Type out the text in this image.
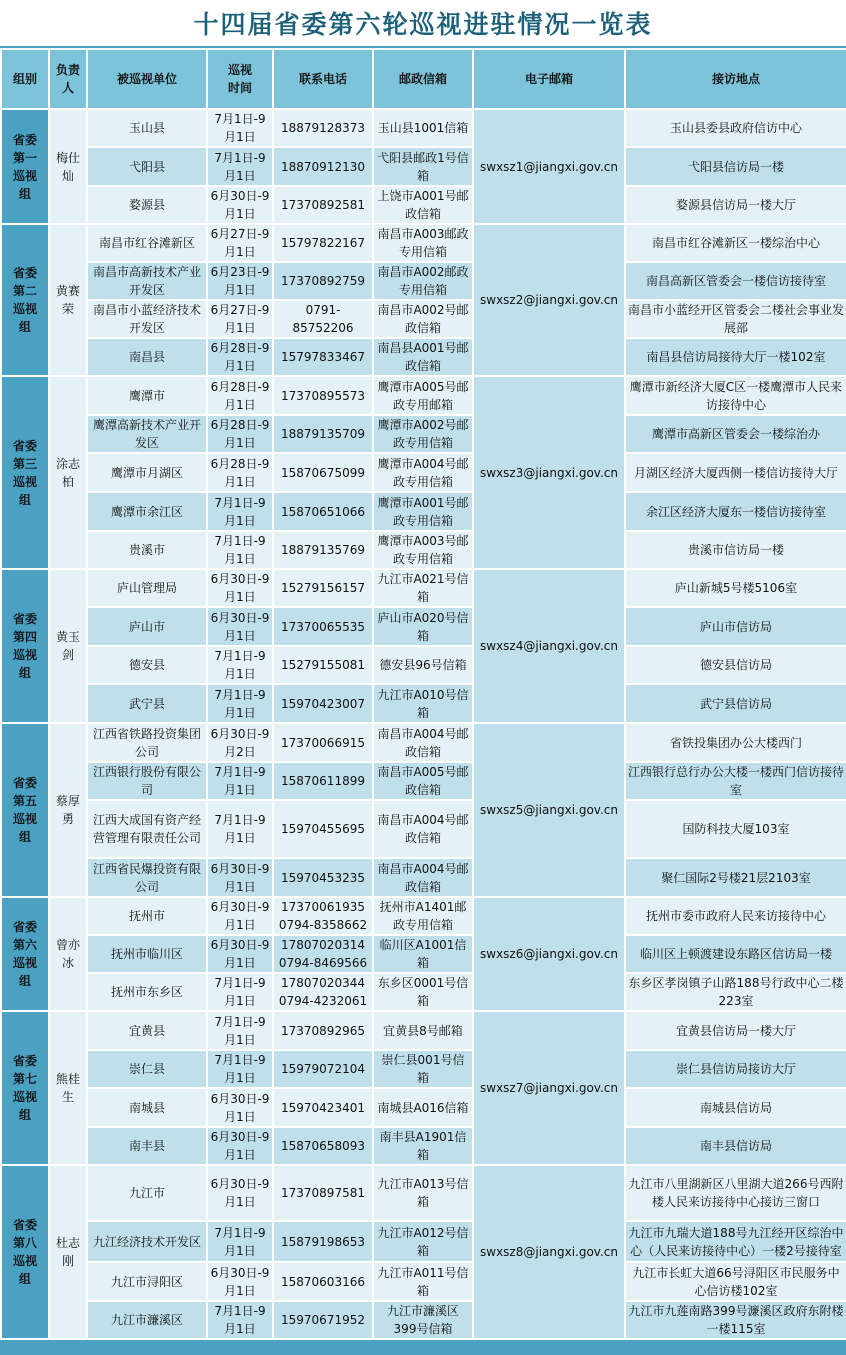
十四届省委第六轮巡视进驻情况一览表
组别	负责人	被巡视单位	巡视时间	联系电话	邮政信箱	电子邮箱	接访地点

省委第一巡视组	梅仕灿	玉山县	7月1日-9月1日	18879128373	玉山县1001信箱	swxsz1@jiangxi.gov.cn	玉山县委县政府信访中心
		弋阳县	7月1日-9月1日	18870912130	弋阳县邮政1号信箱		弋阳县信访局一楼
		婺源县	6月30日-9月1日	17370892581	上饶市A001号邮政信箱		婺源县信访局一楼大厅

省委第二巡视组	黄赛荣	南昌市红谷滩新区	6月27日-9月1日	15797822167	南昌市A003邮政专用信箱	swxsz2@jiangxi.gov.cn	南昌市红谷滩新区一楼综治中心
		南昌市高新技术产业开发区	6月23日-9月1日	17370892759	南昌市A002邮政专用信箱		南昌高新区管委会一楼信访接待室
		南昌市小蓝经济技术开发区	6月27日-9月1日	0791-85752206	南昌市A002号邮政信箱		南昌市小蓝经开区管委会二楼社会事业发展部
		南昌县	6月28日-9月1日	15797833467	南昌县A001号邮政信箱		南昌县信访局接待大厅一楼102室

省委第三巡视组	涂志柏	鹰潭市	6月28日-9月1日	17370895573	鹰潭市A005号邮政专用邮箱	swxsz3@jiangxi.gov.cn	鹰潭市新经济大厦C区一楼鹰潭市人民来访接待中心
		鹰潭高新技术产业开发区	6月28日-9月1日	18879135709	鹰潭市A002号邮政专用信箱		鹰潭市高新区管委会一楼综治办
		鹰潭市月湖区	6月28日-9月1日	15870675099	鹰潭市A004号邮政专用信箱		月湖区经济大厦西侧一楼信访接待大厅
		鹰潭市余江区	7月1日-9月1日	15870651066	鹰潭市A001号邮政专用信箱		余江区经济大厦东一楼信访接待室
		贵溪市	7月1日-9月1日	18879135769	鹰潭市A003号邮政专用信箱		贵溪市信访局一楼

省委第四巡视组	黄玉剑	庐山管理局	6月30日-9月1日	15279156157	九江市A021号信箱	swxsz4@jiangxi.gov.cn	庐山新城5号楼5106室
		庐山市	6月30日-9月1日	17370065535	庐山市A020号信箱		庐山市信访局
		德安县	7月1日-9月1日	15279155081	德安县96号信箱		德安县信访局
		武宁县	7月1日-9月1日	15970423007	九江市A010号信箱		武宁县信访局

省委第五巡视组	蔡厚勇	江西省铁路投资集团公司	6月30日-9月2日	17370066915	南昌市A004号邮政信箱	swxsz5@jiangxi.gov.cn	省铁投集团办公大楼西门
		江西银行股份有限公司	7月1日-9月1日	15870611899	南昌市A005号邮政信箱		江西银行总行办公大楼一楼西门信访接待室
		江西大成国有资产经营管理有限责任公司	7月1日-9月1日	15970455695	南昌市A004号邮政信箱		国防科技大厦103室
		江西省民爆投资有限公司	6月30日-9月1日	15970453235	南昌市A004号邮政信箱		聚仁国际2号楼21层2103室

省委第六巡视组	曾亦冰	抚州市	6月30日-9月1日	17370061935 0794-8358662	抚州市A1401邮政专用信箱	swxsz6@jiangxi.gov.cn	抚州市委市政府人民来访接待中心
		抚州市临川区	6月30日-9月1日	17807020314 0794-8469566	临川区A1001信箱		临川区上顿渡建设东路区信访局一楼
		抚州市东乡区	7月1日-9月1日	17807020344 0794-4232061	东乡区0001号信箱		东乡区孝岗镇子山路188号行政中心二楼223室

省委第七巡视组	熊桂生	宜黄县	7月1日-9月1日	17370892965	宜黄县8号邮箱	swxsz7@jiangxi.gov.cn	宜黄县信访局一楼大厅
		崇仁县	7月1日-9月1日	15979072104	崇仁县001号信箱		崇仁县信访局接访大厅
		南城县	6月30日-9月1日	15970423401	南城县A016信箱		南城县信访局
		南丰县	6月30日-9月1日	15870658093	南丰县A1901信箱		南丰县信访局

省委第八巡视组	杜志刚	九江市	6月30日-9月1日	17370897581	九江市A013号信箱	swxsz8@jiangxi.gov.cn	九江市八里湖新区八里湖大道266号西附楼人民来访接待中心接访三窗口
		九江经济技术开发区	7月1日-9月1日	15879198653	九江市A012号信箱		九江市九瑞大道188号九江经开区综治中心（人民来访接待中心）一楼2号接待室
		九江市浔阳区	6月30日-9月1日	15870603166	九江市A011号信箱		九江市长虹大道66号浔阳区市民服务中心信访楼102室
		九江市濂溪区	7月1日-9月1日	15970671952	九江市濂溪区399号信箱		九江市九莲南路399号濂溪区政府东附楼一楼115室
